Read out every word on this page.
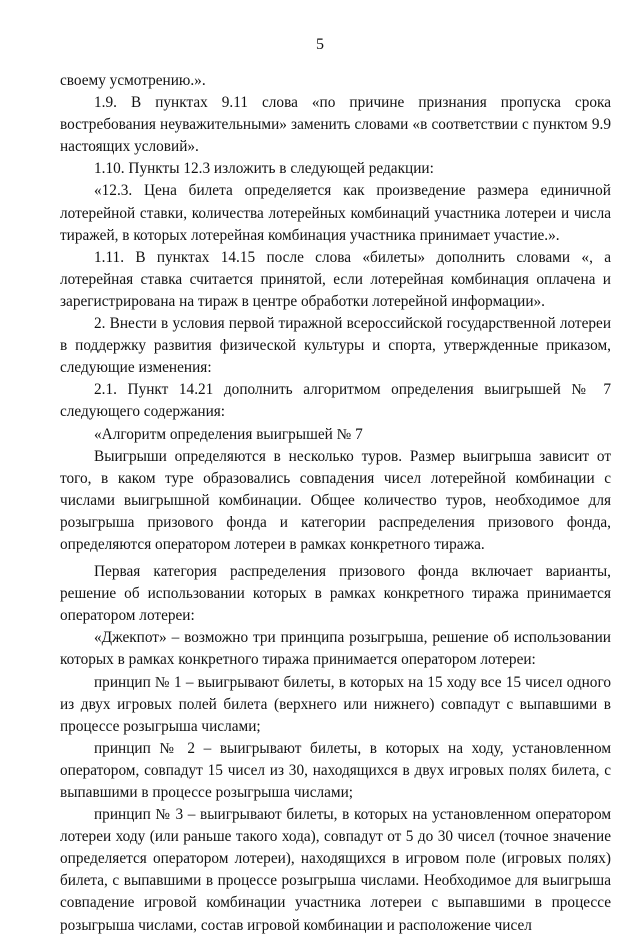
5

своему усмотрению.».

1.9. В пунктах 9.11 слова «по причине признания пропуска срока востребования неуважительными» заменить словами «в соответствии с пунктом 9.9 настоящих условий».

1.10. Пункты 12.3 изложить в следующей редакции:

«12.3. Цена билета определяется как произведение размера единичной лотерейной ставки, количества лотерейных комбинаций участника лотереи и числа тиражей, в которых лотерейная комбинация участника принимает участие.».

1.11. В пунктах 14.15 после слова «билеты» дополнить словами «, а лотерейная ставка считается принятой, если лотерейная комбинация оплачена и зарегистрирована на тираж в центре обработки лотерейной информации».

2. Внести в условия первой тиражной всероссийской государственной лотереи в поддержку развития физической культуры и спорта, утвержденные приказом, следующие изменения:

2.1. Пункт 14.21 дополнить алгоритмом определения выигрышей № 7 следующего содержания:

«Алгоритм определения выигрышей № 7

Выигрыши определяются в несколько туров. Размер выигрыша зависит от того, в каком туре образовались совпадения чисел лотерейной комбинации с числами выигрышной комбинации. Общее количество туров, необходимое для розыгрыша призового фонда и категории распределения призового фонда, определяются оператором лотереи в рамках конкретного тиража.

Первая категория распределения призового фонда включает варианты, решение об использовании которых в рамках конкретного тиража принимается оператором лотереи:

«Джекпот» – возможно три принципа розыгрыша, решение об использовании которых в рамках конкретного тиража принимается оператором лотереи:

принцип № 1 – выигрывают билеты, в которых на 15 ходу все 15 чисел одного из двух игровых полей билета (верхнего или нижнего) совпадут с выпавшими в процессе розыгрыша числами;

принцип № 2 – выигрывают билеты, в которых на ходу, установленном оператором, совпадут 15 чисел из 30, находящихся в двух игровых полях билета, с выпавшими в процессе розыгрыша числами;

принцип № 3 – выигрывают билеты, в которых на установленном оператором лотереи ходу (или раньше такого хода), совпадут от 5 до 30 чисел (точное значение определяется оператором лотереи), находящихся в игровом поле (игровых полях) билета, с выпавшими в процессе розыгрыша числами. Необходимое для выигрыша совпадение игровой комбинации участника лотереи с выпавшими в процессе розыгрыша числами, состав игровой комбинации и расположение чисел
